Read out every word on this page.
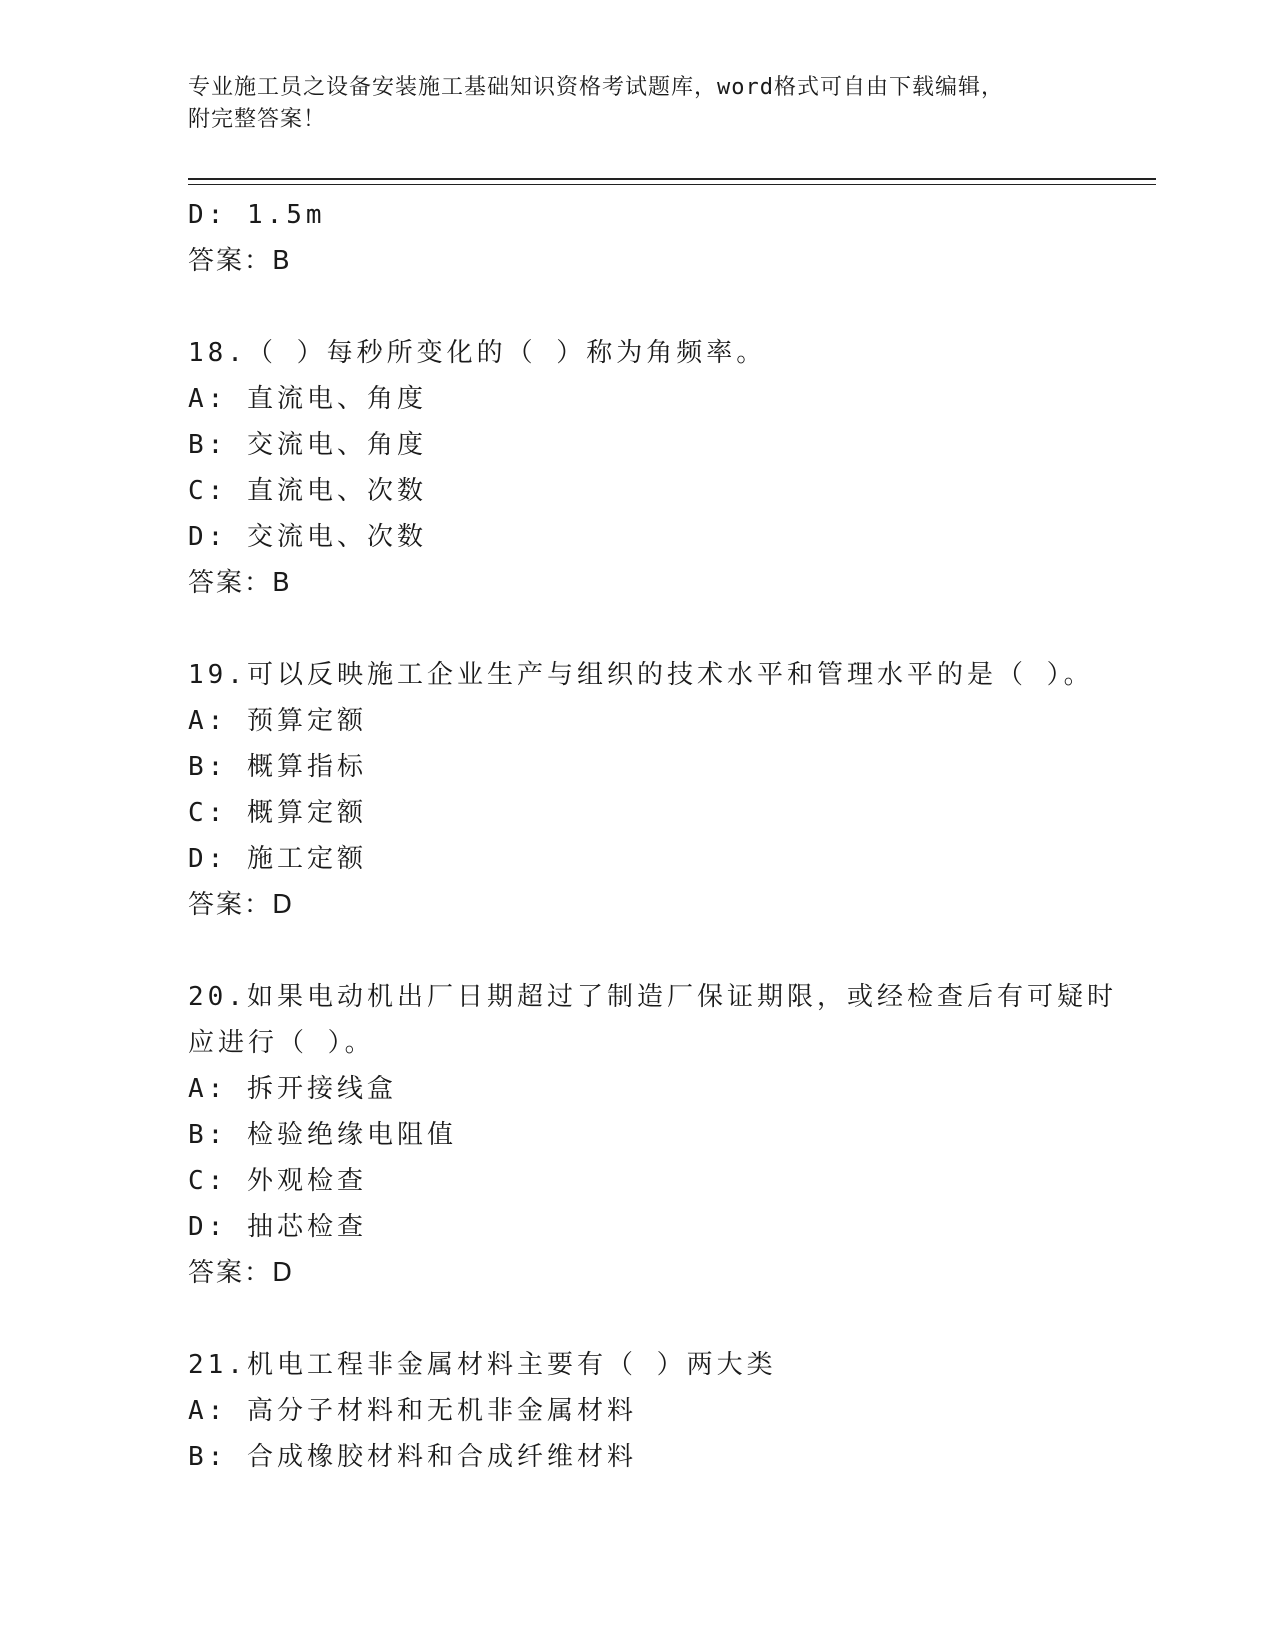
专业施工员之设备安装施工基础知识资格考试题库，word格式可自由下载编辑，
附完整答案！
D: 1.5m
答案：B
18.（ ）每秒所变化的（ ）称为角频率。
A: 直流电、角度
B: 交流电、角度
C: 直流电、次数
D: 交流电、次数
答案：B
19.可以反映施工企业生产与组织的技术水平和管理水平的是（ ）。
A: 预算定额
B: 概算指标
C: 概算定额
D: 施工定额
答案：D
20.如果电动机出厂日期超过了制造厂保证期限，或经检查后有可疑时
应进行（ ）。
A: 拆开接线盒
B: 检验绝缘电阻值
C: 外观检查
D: 抽芯检查
答案：D
21.机电工程非金属材料主要有（ ）两大类
A: 高分子材料和无机非金属材料
B: 合成橡胶材料和合成纤维材料
